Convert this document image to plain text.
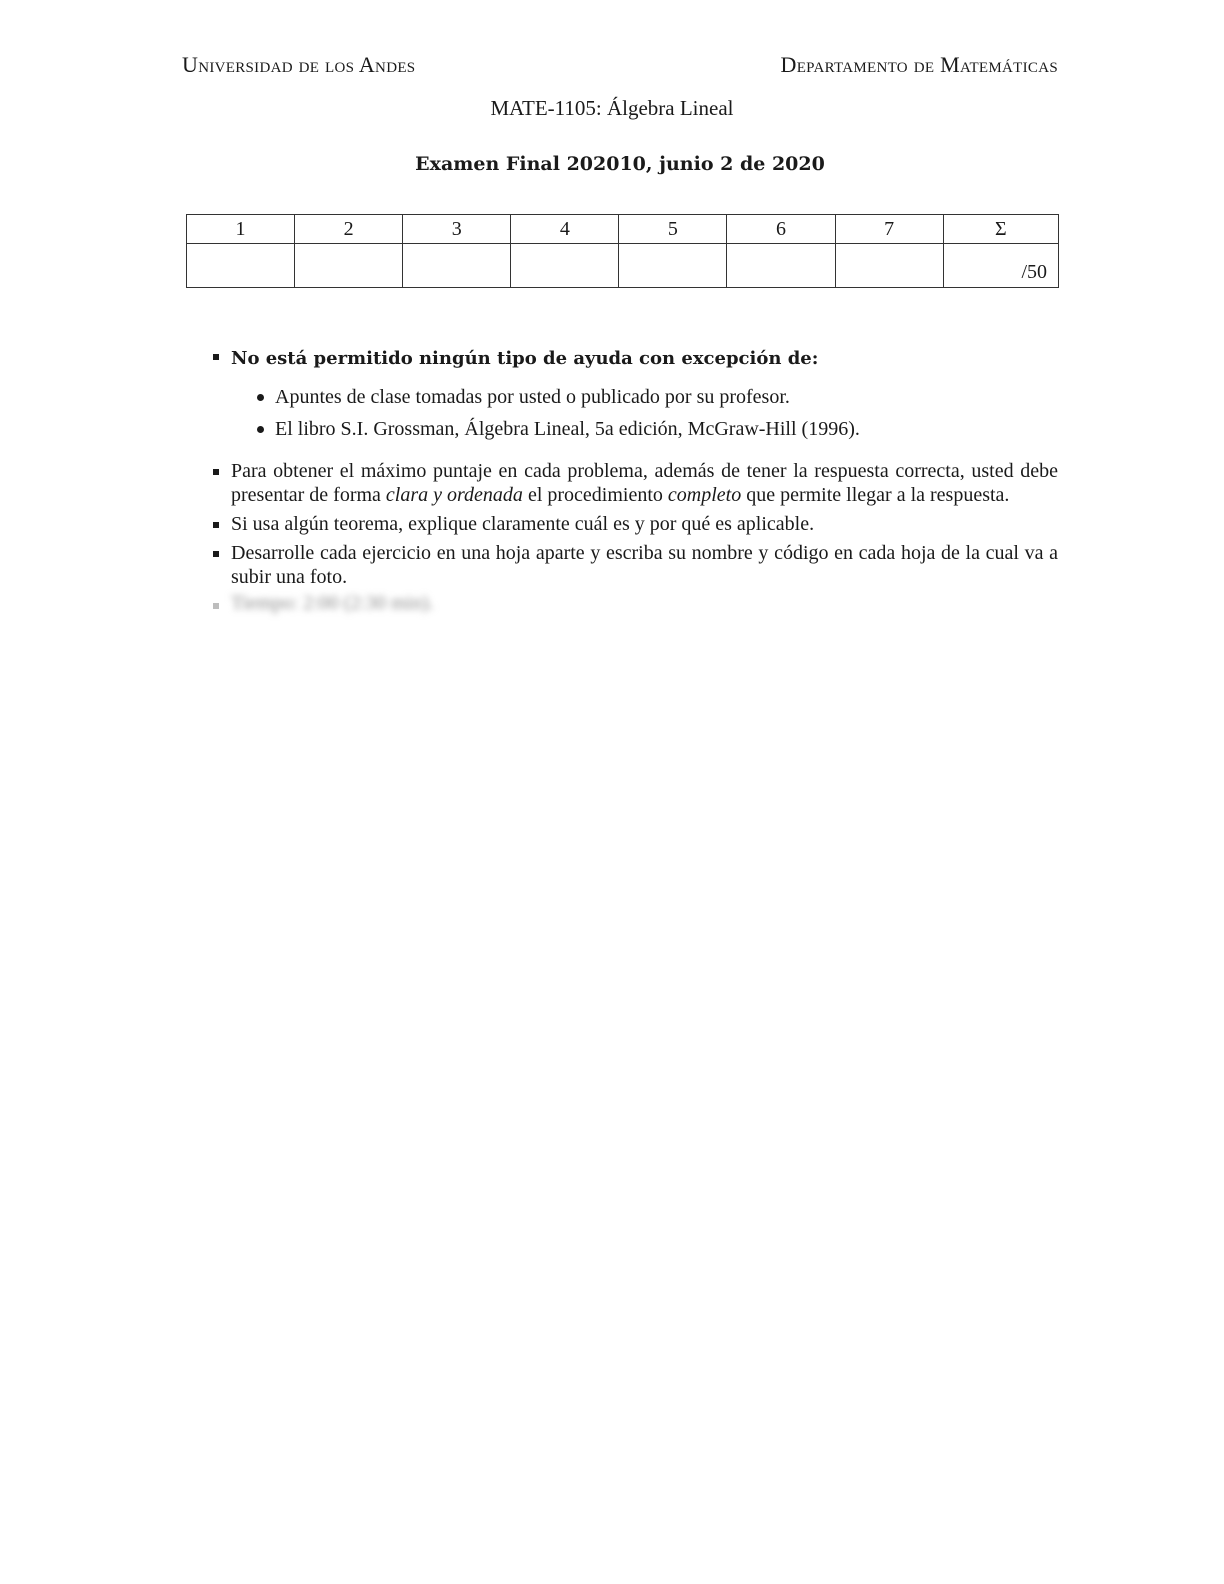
Universidad de los Andes	Departamento de Matemáticas
MATE-1105: Álgebra Lineal
Examen Final 202010, junio 2 de 2020
1	2	3	4	5	6	7	Σ
							/50
No está permitido ningún tipo de ayuda con excepción de:
Apuntes de clase tomadas por usted o publicado por su profesor.
El libro S.I. Grossman, Álgebra Lineal, 5a edición, McGraw-Hill (1996).
Para obtener el máximo puntaje en cada problema, además de tener la respuesta correcta, usted debe presentar de forma clara y ordenada el procedimiento completo que permite llegar a la respuesta.
Si usa algún teorema, explique claramente cuál es y por qué es aplicable.
Desarrolle cada ejercicio en una hoja aparte y escriba su nombre y código en cada hoja de la cual va a subir una foto.
Tiempo: 2:00 (2:30 min).
